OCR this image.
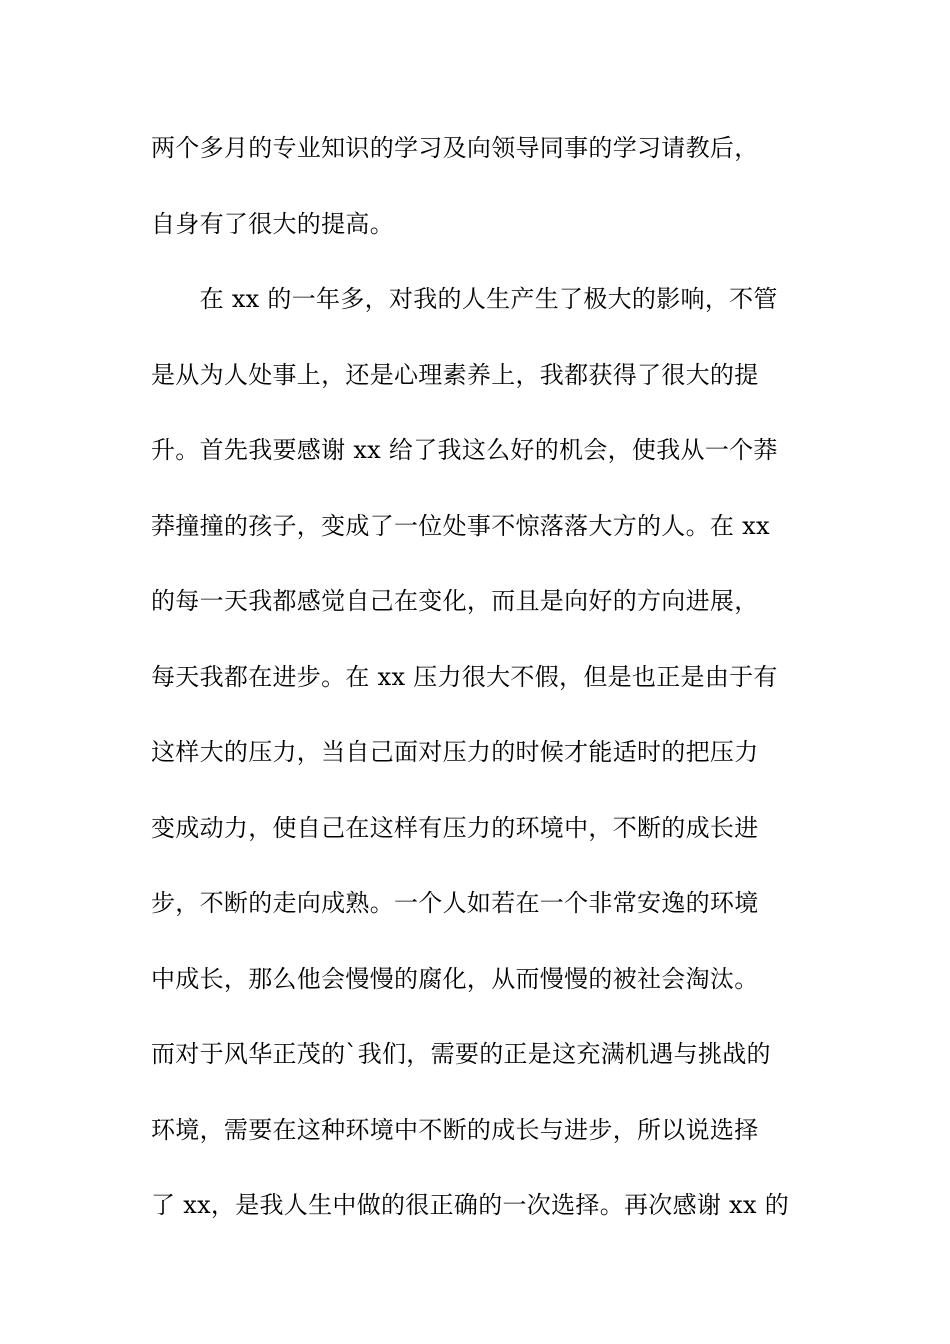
两个多月的专业知识的学习及向领导同事的学习请教后，
自身有了很大的提高。
　　在 xx 的一年多，对我的人生产生了极大的影响，不管
是从为人处事上，还是心理素养上，我都获得了很大的提
升。首先我要感谢 xx 给了我这么好的机会，使我从一个莽
莽撞撞的孩子，变成了一位处事不惊落落大方的人。在 xx
的每一天我都感觉自己在变化，而且是向好的方向进展，
每天我都在进步。在 xx 压力很大不假，但是也正是由于有
这样大的压力，当自己面对压力的时候才能适时的把压力
变成动力，使自己在这样有压力的环境中，不断的成长进
步，不断的走向成熟。一个人如若在一个非常安逸的环境
中成长，那么他会慢慢的腐化，从而慢慢的被社会淘汰。
而对于风华正茂的`我们，需要的正是这充满机遇与挑战的
环境，需要在这种环境中不断的成长与进步，所以说选择
了 xx，是我人生中做的很正确的一次选择。再次感谢 xx 的
